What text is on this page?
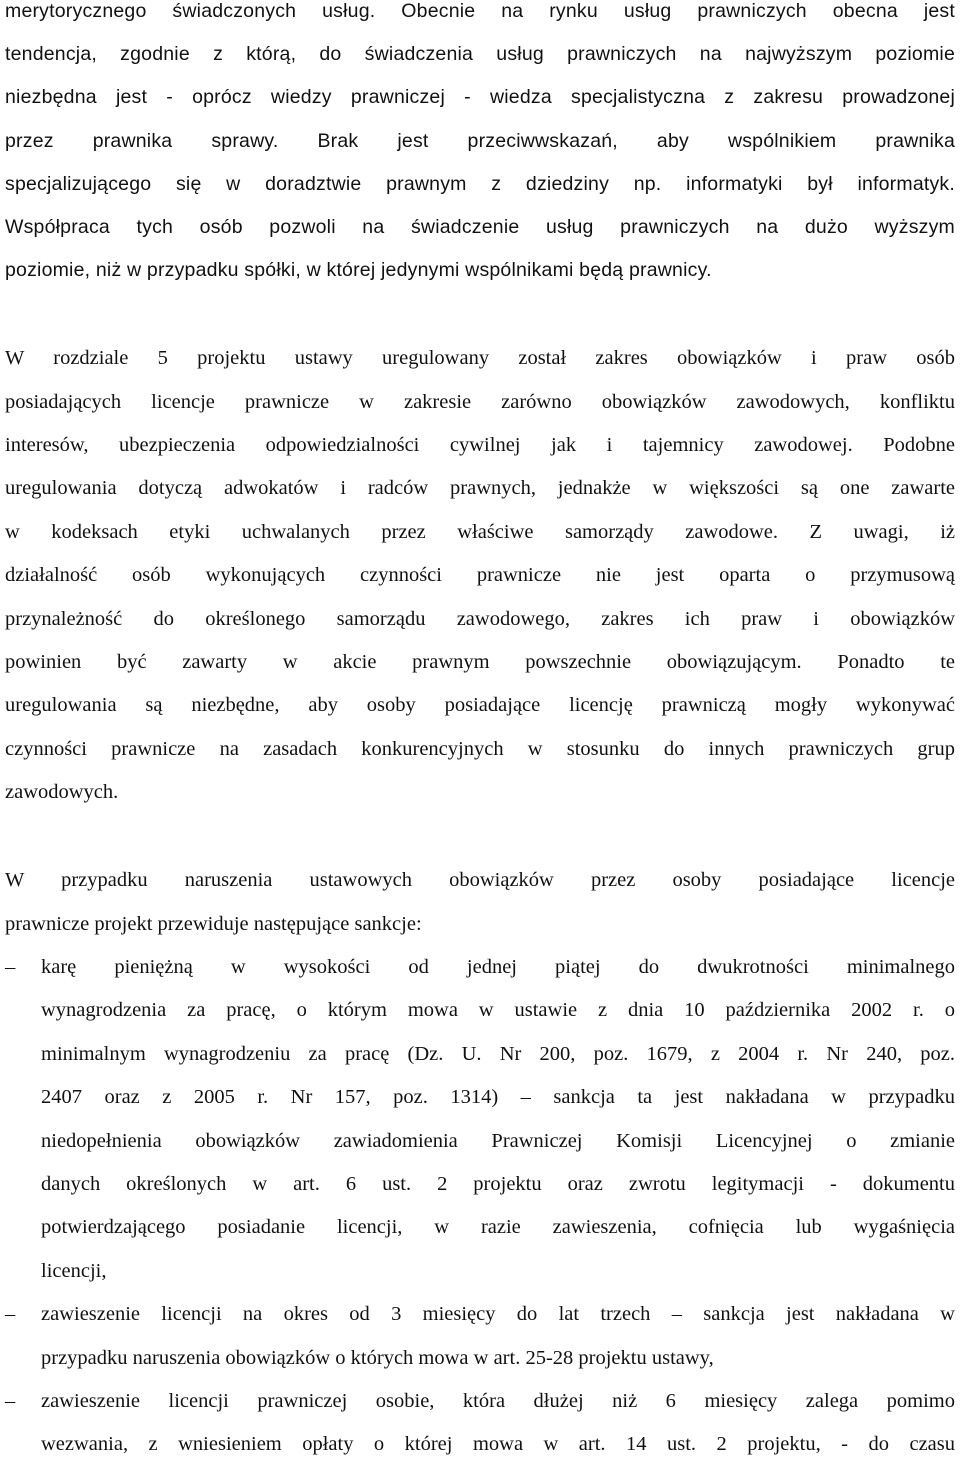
merytorycznego świadczonych usług. Obecnie na rynku usług prawniczych obecna jest
tendencja, zgodnie z którą, do świadczenia usług prawniczych na najwyższym poziomie
niezbędna jest - oprócz wiedzy prawniczej - wiedza specjalistyczna z zakresu prowadzonej
przez prawnika sprawy. Brak jest przeciwwskazań, aby wspólnikiem prawnika
specjalizującego się w doradztwie prawnym z dziedziny np. informatyki był informatyk.
Współpraca tych osób pozwoli na świadczenie usług prawniczych na dużo wyższym
poziomie, niż w przypadku spółki, w której jedynymi wspólnikami będą prawnicy.
W rozdziale 5 projektu ustawy uregulowany został zakres obowiązków i praw osób
posiadających licencje prawnicze w zakresie zarówno obowiązków zawodowych, konfliktu
interesów, ubezpieczenia odpowiedzialności cywilnej jak i tajemnicy zawodowej. Podobne
uregulowania dotyczą adwokatów i radców prawnych, jednakże w większości są one zawarte
w kodeksach etyki uchwalanych przez właściwe samorządy zawodowe. Z uwagi, iż
działalność osób wykonujących czynności prawnicze nie jest oparta o przymusową
przynależność do określonego samorządu zawodowego, zakres ich praw i obowiązków
powinien być zawarty w akcie prawnym powszechnie obowiązującym. Ponadto te
uregulowania są niezbędne, aby osoby posiadające licencję prawniczą mogły wykonywać
czynności prawnicze na zasadach konkurencyjnych w stosunku do innych prawniczych grup
zawodowych.
W przypadku naruszenia ustawowych obowiązków przez osoby posiadające licencje
prawnicze projekt przewiduje następujące sankcje:
–	karę pieniężną w wysokości od jednej piątej do dwukrotności minimalnego
wynagrodzenia za pracę, o którym mowa w ustawie z dnia 10 października 2002 r. o
minimalnym wynagrodzeniu za pracę (Dz. U. Nr 200, poz. 1679, z 2004 r. Nr 240, poz.
2407 oraz z 2005 r. Nr 157, poz. 1314) – sankcja ta jest nakładana w przypadku
niedopełnienia obowiązków zawiadomienia Prawniczej Komisji Licencyjnej o zmianie
danych określonych w art. 6 ust. 2 projektu oraz zwrotu legitymacji - dokumentu
potwierdzającego posiadanie licencji, w razie zawieszenia, cofnięcia lub wygaśnięcia
licencji,
–	zawieszenie licencji na okres od 3 miesięcy do lat trzech – sankcja jest nakładana w
przypadku naruszenia obowiązków o których mowa w art. 25-28 projektu ustawy,
–	zawieszenie licencji prawniczej osobie, która dłużej niż 6 miesięcy zalega pomimo
wezwania, z wniesieniem opłaty o której mowa w art. 14 ust. 2 projektu, - do czasu
